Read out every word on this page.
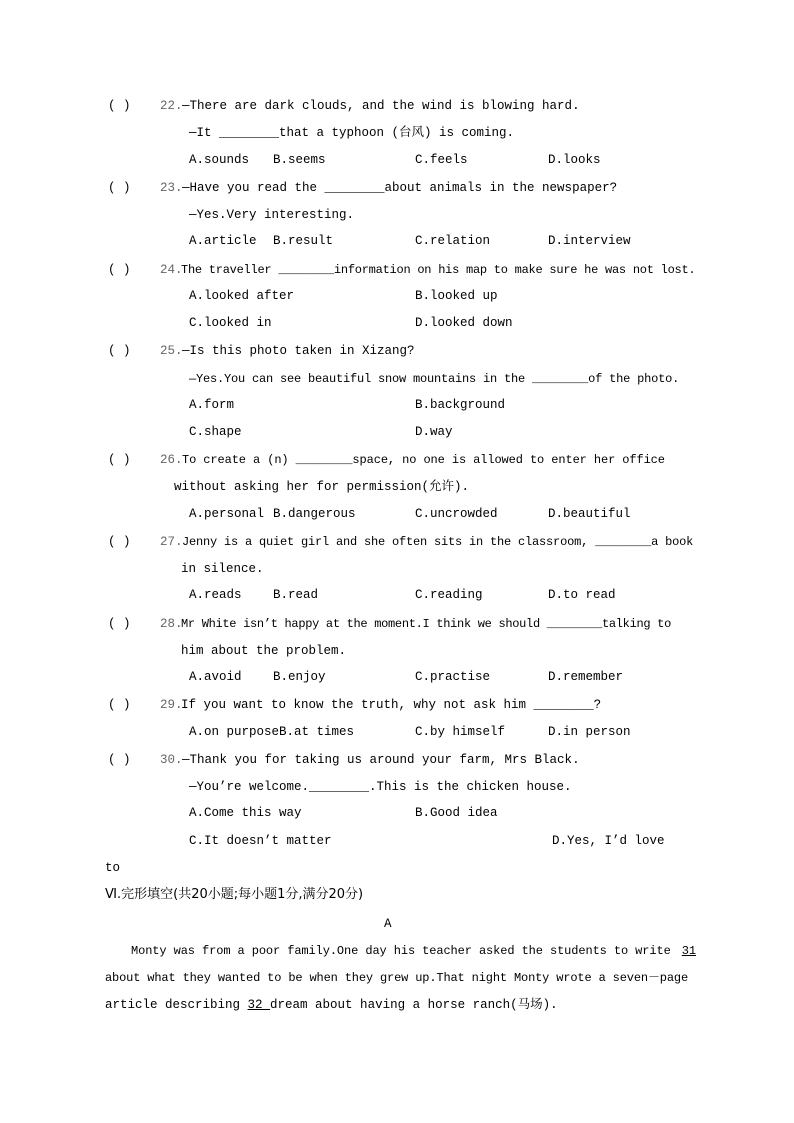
( ) 22. —There are dark clouds, and the wind is blowing hard.
—It ________that a typhoon (台风) is coming.
A.sounds B.seems	C.feels	D.looks
( ) 23. —Have you read the ________about animals in the newspaper?
—Yes.Very interesting.
A.article B.result	C.relation	D.interview
( ) 24.
The traveller ________information on his map to make sure he was not lost.
A.looked after	B.looked up
C.looked in	D.looked down
( ) 25. —Is this photo taken in Xizang?
—Yes.You can see beautiful snow mountains in the ________of the photo.
A.form	B.background
C.shape	D.way
( ) 26. To create a (n) ________space, no one is allowed to enter her office
without asking her for permission(允许).
A.personal B.dangerous	C.uncrowded	D.beautiful
( ) 27. Jenny is a quiet girl and she often sits in the classroom, ________a book
in silence.
A.reads	B.read	C.reading	D.to read
( ) 28.
Mr White isn’t happy at the moment.I think we should ________talking to
him about the problem.
A.avoid	B.enjoy	C.practise	D.remember
( ) 29.
If you want to know the truth, why not ask him ________?
A.on purpose B.at times	C.by himself	D.in person
( ) 30. —Thank you for taking us around your farm, Mrs Black.
—You’re welcome.________.This is the chicken house.
A.Come this way	B.Good idea
C.It doesn’t matter	D.Yes, I’d love
to
Ⅵ.完形填空(共20小题;每小题1分,满分20分)
A
Monty was from a poor family.One day his teacher asked the students to write 31
about what they wanted to be when they grew up.That night Monty wrote a seven－page
article describing 32 dream about having a horse ranch(马场).
